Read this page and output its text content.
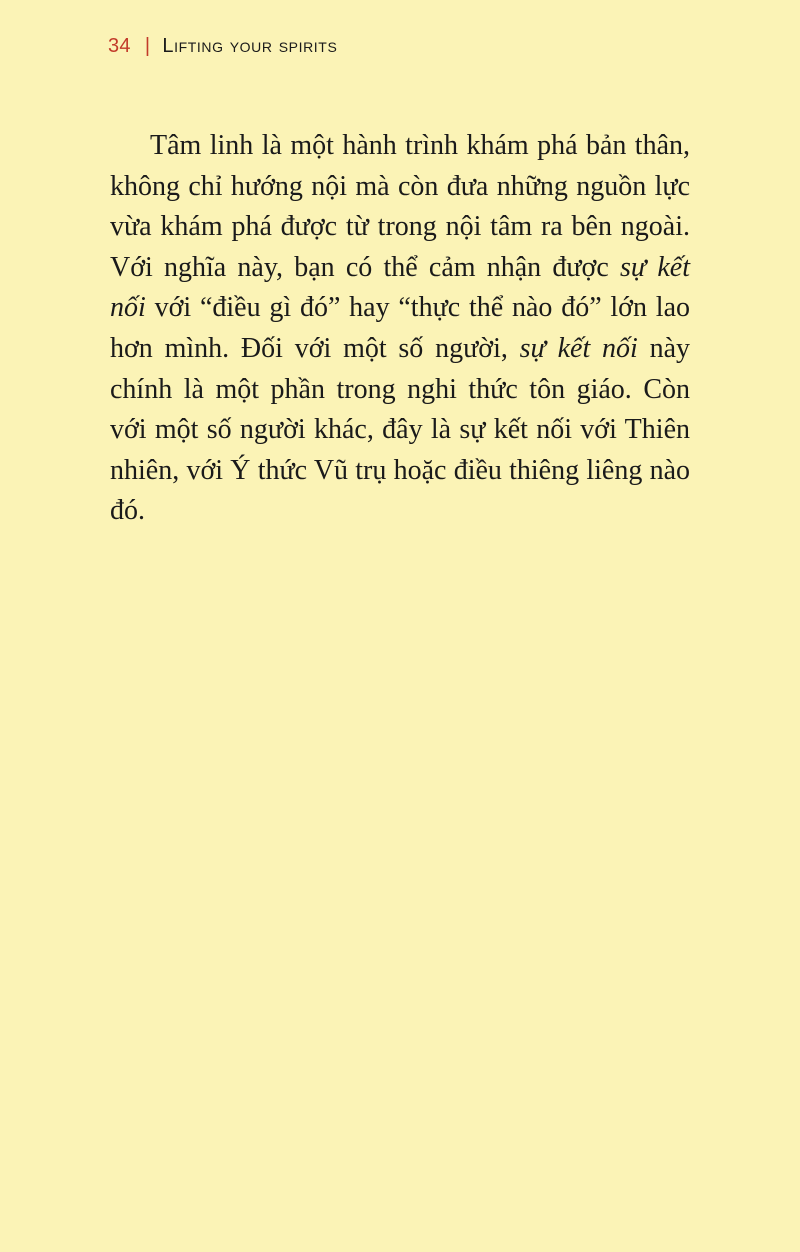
34 | Lifting your spirits

Tâm linh là một hành trình khám phá bản thân, không chỉ hướng nội mà còn đưa những nguồn lực vừa khám phá được từ trong nội tâm ra bên ngoài. Với nghĩa này, bạn có thể cảm nhận được sự kết nối với “điều gì đó” hay “thực thể nào đó” lớn lao hơn mình. Đối với một số người, sự kết nối này chính là một phần trong nghi thức tôn giáo. Còn với một số người khác, đây là sự kết nối với Thiên nhiên, với Ý thức Vũ trụ hoặc điều thiêng liêng nào đó.
